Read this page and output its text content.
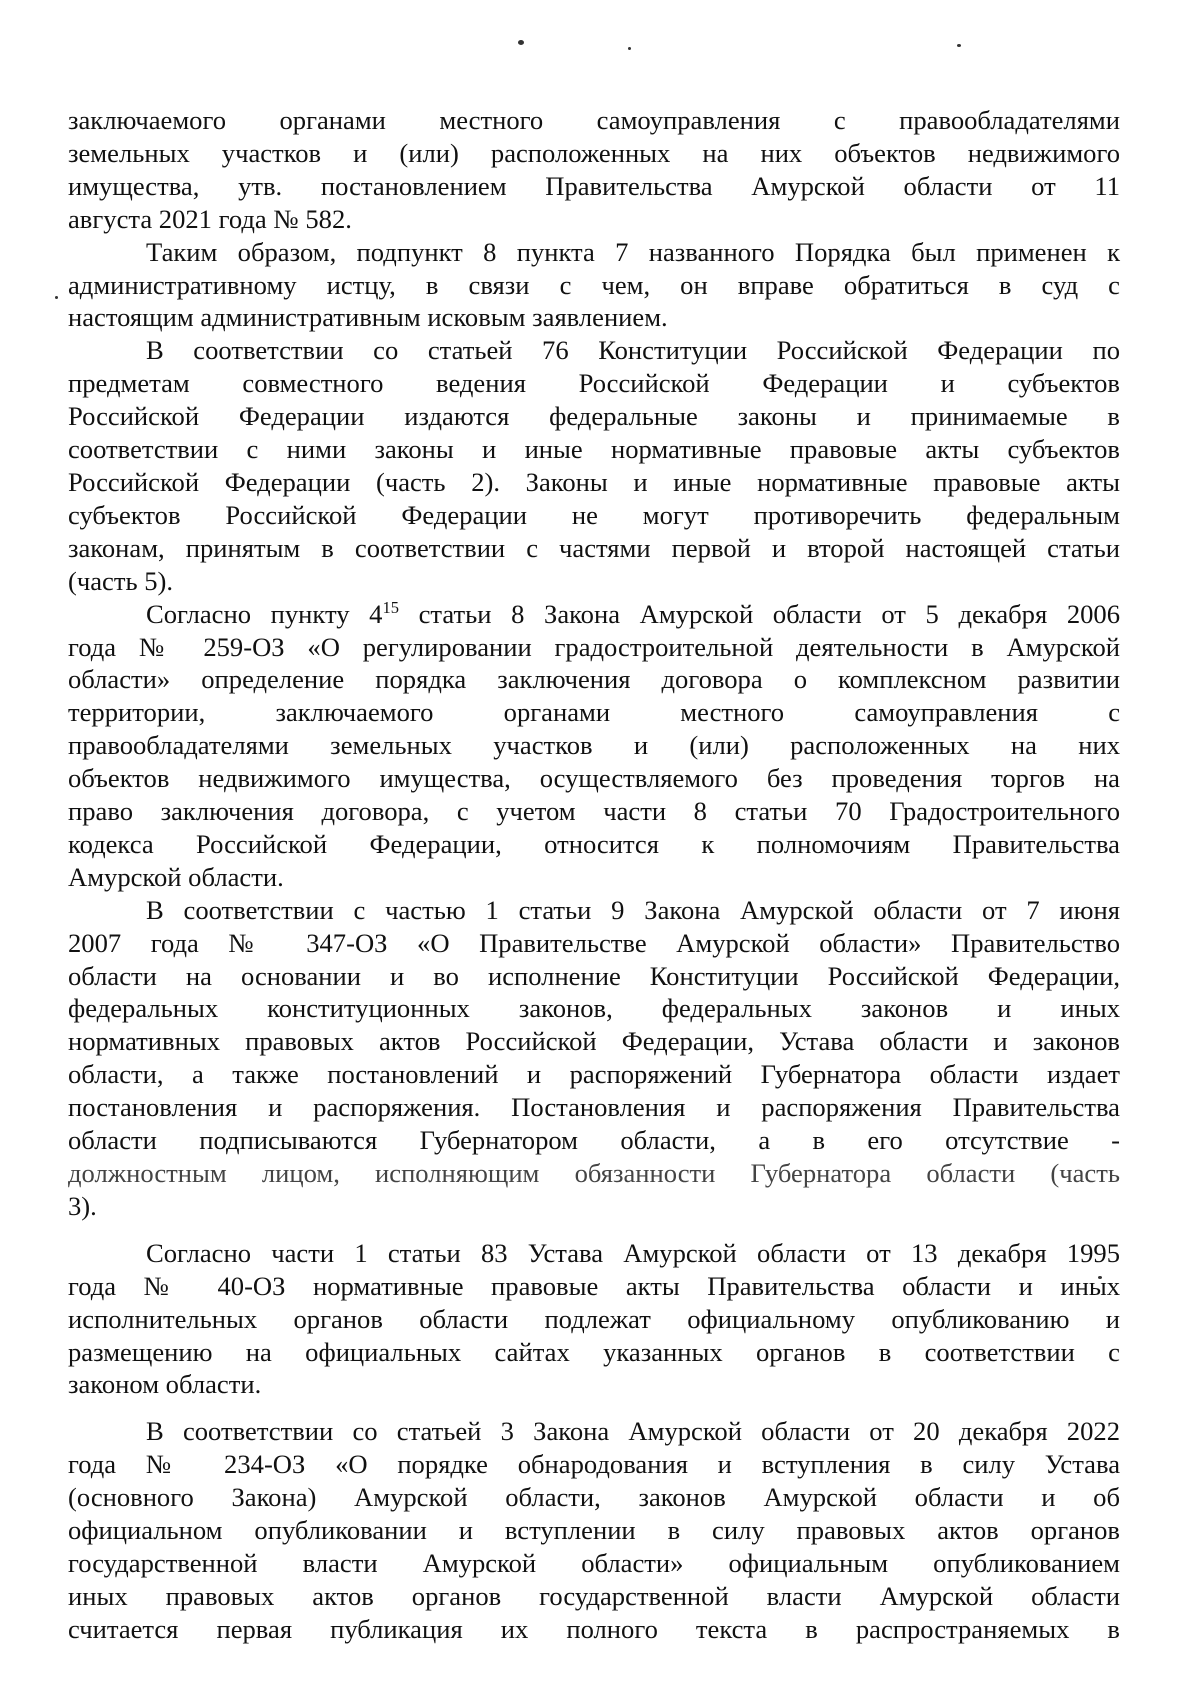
заключаемого органами местного самоуправления с правообладателями
земельных участков и (или) расположенных на них объектов недвижимого
имущества, утв. постановлением Правительства Амурской области от 11
августа 2021 года № 582.
Таким образом, подпункт 8 пункта 7 названного Порядка был применен к
административному истцу, в связи с чем, он вправе обратиться в суд с
настоящим административным исковым заявлением.
В соответствии со статьей 76 Конституции Российской Федерации по
предметам совместного ведения Российской Федерации и субъектов
Российской Федерации издаются федеральные законы и принимаемые в
соответствии с ними законы и иные нормативные правовые акты субъектов
Российской Федерации (часть 2). Законы и иные нормативные правовые акты
субъектов Российской Федерации не могут противоречить федеральным
законам, принятым в соответствии с частями первой и второй настоящей статьи
(часть 5).
Согласно пункту $4^{15}$ статьи 8 Закона Амурской области от 5 декабря 2006
года № 259-ОЗ «О регулировании градостроительной деятельности в Амурской
области» определение порядка заключения договора о комплексном развитии
территории, заключаемого органами местного самоуправления с
правообладателями земельных участков и (или) расположенных на них
объектов недвижимого имущества, осуществляемого без проведения торгов на
право заключения договора, с учетом части 8 статьи 70 Градостроительного
кодекса Российской Федерации, относится к полномочиям Правительства
Амурской области.
В соответствии с частью 1 статьи 9 Закона Амурской области от 7 июня
2007 года № 347-ОЗ «О Правительстве Амурской области» Правительство
области на основании и во исполнение Конституции Российской Федерации,
федеральных конституционных законов, федеральных законов и иных
нормативных правовых актов Российской Федерации, Устава области и законов
области, а также постановлений и распоряжений Губернатора области издает
постановления и распоряжения. Постановления и распоряжения Правительства
области подписываются Губернатором области, а в его отсутствие -
должностным лицом, исполняющим обязанности Губернатора области (часть
3).
Согласно части 1 статьи 83 Устава Амурской области от 13 декабря 1995
года № 40-ОЗ нормативные правовые акты Правительства области и иных
исполнительных органов области подлежат официальному опубликованию и
размещению на официальных сайтах указанных органов в соответствии с
законом области.
В соответствии со статьей 3 Закона Амурской области от 20 декабря 2022
года № 234-ОЗ «О порядке обнародования и вступления в силу Устава
(основного Закона) Амурской области, законов Амурской области и об
официальном опубликовании и вступлении в силу правовых актов органов
государственной власти Амурской области» официальным опубликованием
иных правовых актов органов государственной власти Амурской области
считается первая публикация их полного текста в распространяемых в
